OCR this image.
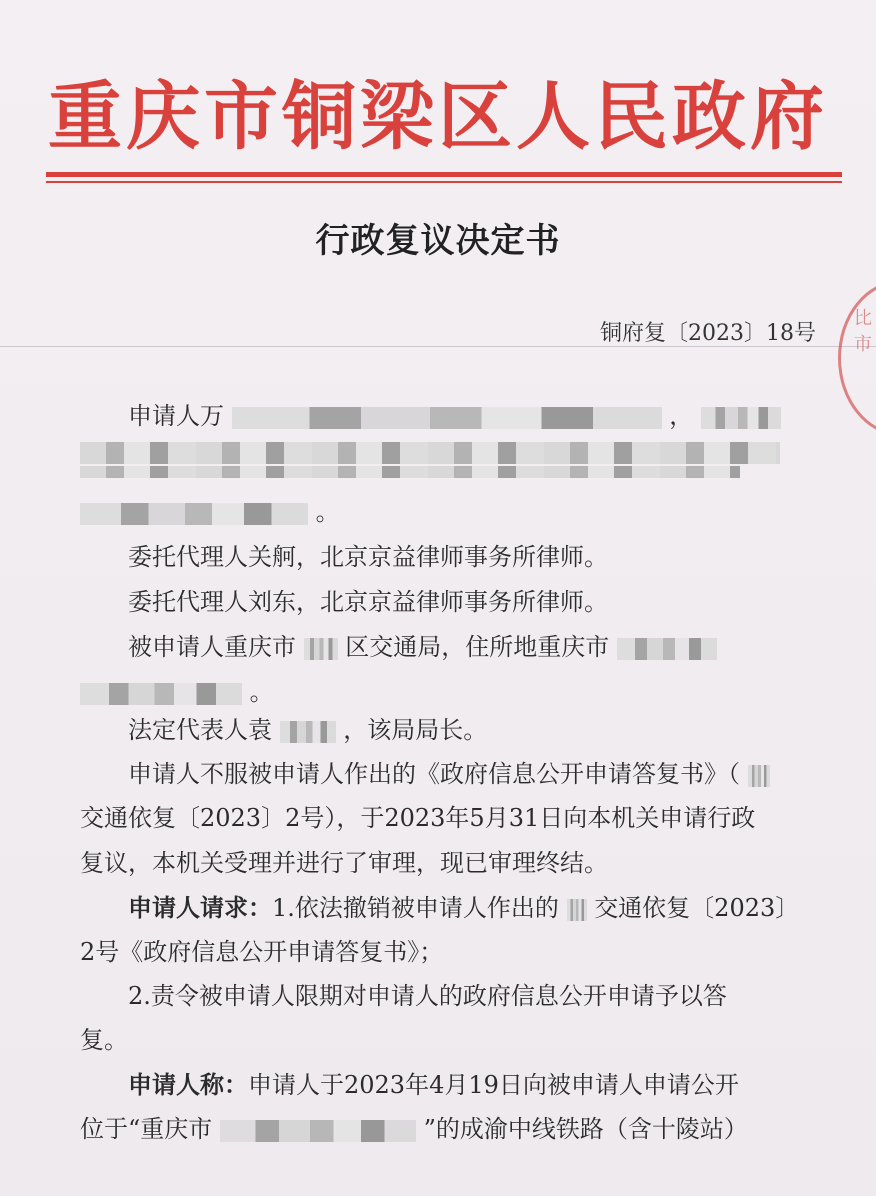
重庆市铜梁区人民政府
行政复议决定书
铜府复〔2023〕18号
比
市
申请人万	，
。
委托代理人关舸，北京京益律师事务所律师。
委托代理人刘东，北京京益律师事务所律师。
被申请人重庆市 区交通局，住所地重庆市
。
法定代表人袁	，该局局长。
申请人不服被申请人作出的《政府信息公开申请答复书》（
交通依复〔2023〕2号），于2023年5月31日向本机关申请行政
复议，本机关受理并进行了审理，现已审理终结。
申请人请求：1.依法撤销被申请人作出的 交通依复〔2023〕
2号《政府信息公开申请答复书》；
2.责令被申请人限期对申请人的政府信息公开申请予以答
复。
申请人称：申请人于2023年4月19日向被申请人申请公开
位于“重庆市	”的成渝中线铁路（含十陵站）
